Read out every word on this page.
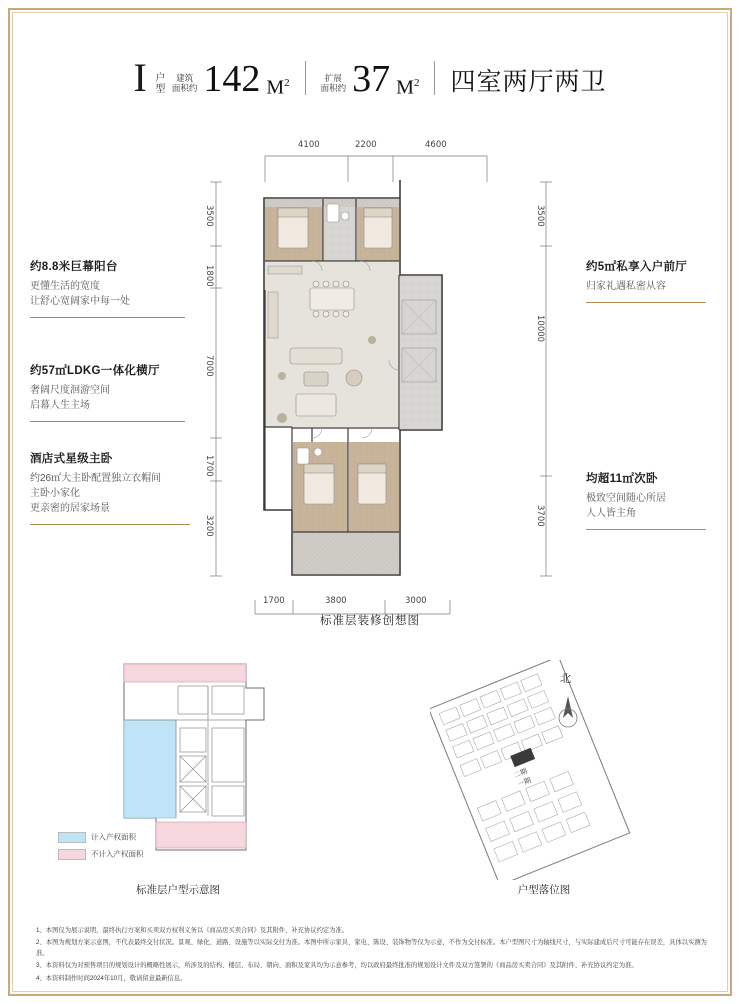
I 户型	建筑
面积约 142 $M^2$	扩展
面积约 37 $M^2$ 四室两厅两卫
4100	2200	4600
3500
1800
7000
1700
3200
3500
10000
3700
1700	3800	3000
约8.8米巨幕阳台
更懂生活的宽度
让舒心宽阔家中每一处
约57㎡LDKG一体化横厅
奢阔尺度洄游空间
启幕人生主场
酒店式星级主卧
约26㎡大主卧配置独立衣帽间
主卧小家化
更亲密的居家场景
约5㎡私享入户前厅
归家礼遇私密从容
均超11㎡次卧
极致空间随心所居
人人皆主角
标准层装修创想图
计入产权面积
不计入产权面积
标准层户型示意图
二期
一期
北
户型落位图

1、本图仅为展示说明，最终执行方案和买卖双方权利义务以《商品房买卖合同》及其附件、补充协议约定为准。

2、本图为规划方案示意图，不代表最终交付状况。景观、绿化、道路、设施等以实际交付为准。本图中所示家具、家电、陈设、装饰物等仅为示意，不作为交付标准。本户型图尺寸为轴线尺寸，与实际建成后尺寸可能存在误差，具体以实测为准。

3、本资料仅为对预售项目的规划设计的概略性展示，所涉及的结构、楼层、布局、朝向、面积及家具均为示意参考，均以政府最终批准的规划设计文件及双方签署的《商品房买卖合同》及其附件、补充协议约定为准。

4、本资料制作时间2024年10月，敬请留意最新信息。
